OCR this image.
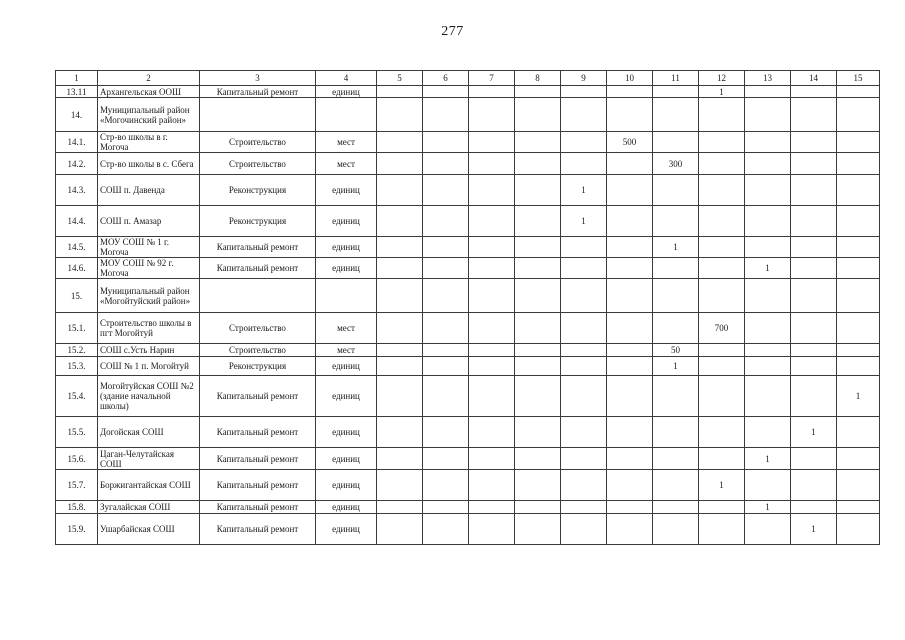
277
1	2	3	4	5	6	7	8	9	10	11	12	13	14	15
13.11	Архангельская ООШ	Капитальный ремонт	единиц								1			
14.	Муниципальный район «Могочинский район»													
14.1.	Стр-во школы в г. Могоча	Строительство	мест						500					
14.2.	Стр-во школы в с. Сбега	Строительство	мест							300				
14.3.	СОШ п. Давенда	Реконструкция	единиц					1						
14.4.	СОШ п. Амазар	Реконструкция	единиц					1						
14.5.	МОУ СОШ № 1 г. Могоча	Капитальный ремонт	единиц							1				
14.6.	МОУ СОШ № 92 г. Могоча	Капитальный ремонт	единиц									1		
15.	Муниципальный район «Могойтуйский район»													
15.1.	Строительство школы в пгт Могойтуй	Строительство	мест								700			
15.2.	СОШ с.Усть Нарин	Строительство	мест							50				
15.3.	СОШ № 1 п. Могойтуй	Реконструкция	единиц							1				
15.4.	Могойтуйская СОШ №2 (здание начальной школы)	Капитальный ремонт	единиц											1
15.5.	Догойская СОШ	Капитальный ремонт	единиц										1	
15.6.	Цаган-Челутайская СОШ	Капитальный ремонт	единиц									1		
15.7.	Боржигантайская СОШ	Капитальный ремонт	единиц								1			
15.8.	Зугалайская СОШ	Капитальный ремонт	единиц									1		
15.9.	Ушарбайская СОШ	Капитальный ремонт	единиц										1	
